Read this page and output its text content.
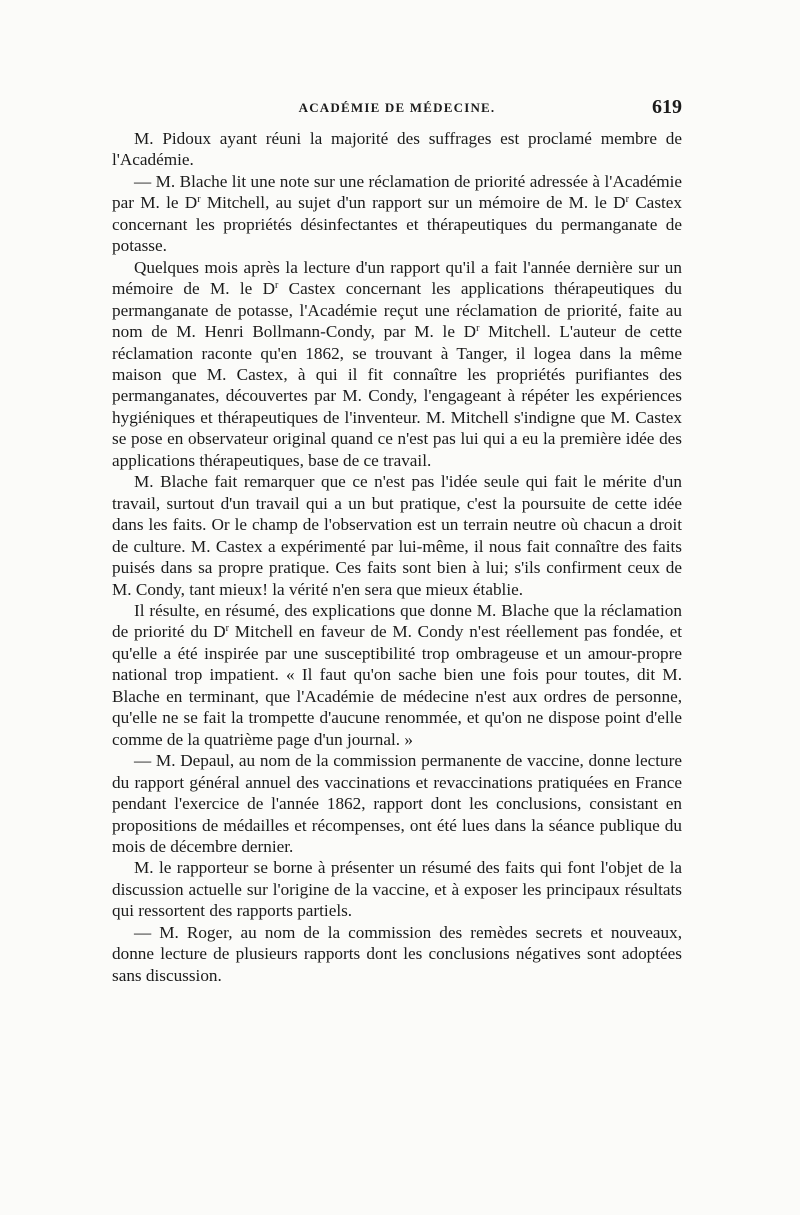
ACADÉMIE DE MÉDECINE.	619

M. Pidoux ayant réuni la majorité des suffrages est proclamé membre de l'Académie.

— M. Blache lit une note sur une réclamation de priorité adressée à l'Académie par M. le $D^r$ Mitchell, au sujet d'un rapport sur un mémoire de M. le $D^r$ Castex concernant les propriétés désinfectantes et thérapeutiques du permanganate de potasse.

Quelques mois après la lecture d'un rapport qu'il a fait l'année dernière sur un mémoire de M. le $D^r$ Castex concernant les applications thérapeutiques du permanganate de potasse, l'Académie reçut une réclamation de priorité, faite au nom de M. Henri Bollmann-Condy, par M. le $D^r$ Mitchell. L'auteur de cette réclamation raconte qu'en 1862, se trouvant à Tanger, il logea dans la même maison que M. Castex, à qui il fit connaître les propriétés purifiantes des permanganates, découvertes par M. Condy, l'engageant à répéter les expériences hygiéniques et thérapeutiques de l'inventeur. M. Mitchell s'indigne que M. Castex se pose en observateur original quand ce n'est pas lui qui a eu la première idée des applications thérapeutiques, base de ce travail.

M. Blache fait remarquer que ce n'est pas l'idée seule qui fait le mérite d'un travail, surtout d'un travail qui a un but pratique, c'est la poursuite de cette idée dans les faits. Or le champ de l'observation est un terrain neutre où chacun a droit de culture. M. Castex a expérimenté par lui-même, il nous fait connaître des faits puisés dans sa propre pratique. Ces faits sont bien à lui; s'ils confirment ceux de M. Condy, tant mieux! la vérité n'en sera que mieux établie.

Il résulte, en résumé, des explications que donne M. Blache que la réclamation de priorité du $D^r$ Mitchell en faveur de M. Condy n'est réellement pas fondée, et qu'elle a été inspirée par une susceptibilité trop ombrageuse et un amour-propre national trop impatient. « Il faut qu'on sache bien une fois pour toutes, dit M. Blache en terminant, que l'Académie de médecine n'est aux ordres de personne, qu'elle ne se fait la trompette d'aucune renommée, et qu'on ne dispose point d'elle comme de la quatrième page d'un journal. »

— M. Depaul, au nom de la commission permanente de vaccine, donne lecture du rapport général annuel des vaccinations et revaccinations pratiquées en France pendant l'exercice de l'année 1862, rapport dont les conclusions, consistant en propositions de médailles et récompenses, ont été lues dans la séance publique du mois de décembre dernier.

M. le rapporteur se borne à présenter un résumé des faits qui font l'objet de la discussion actuelle sur l'origine de la vaccine, et à exposer les principaux résultats qui ressortent des rapports partiels.

— M. Roger, au nom de la commission des remèdes secrets et nouveaux, donne lecture de plusieurs rapports dont les conclusions négatives sont adoptées sans discussion.
